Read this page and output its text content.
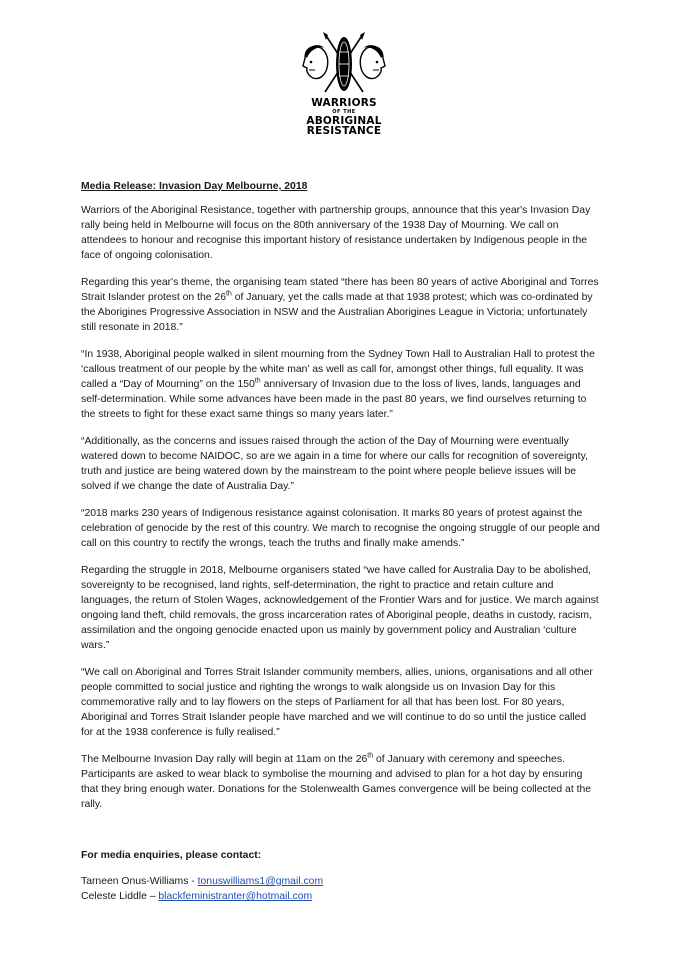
WARRIORS
OF THE
ABORIGINAL
RESISTANCE
Media Release: Invasion Day Melbourne, 2018

Warriors of the Aboriginal Resistance, together with partnership groups, announce that this year's Invasion Day rally being held in Melbourne will focus on the 80th anniversary of the 1938 Day of Mourning. We call on attendees to honour and recognise this important history of resistance undertaken by Indigenous people in the face of ongoing colonisation.

Regarding this year's theme, the organising team stated “there has been 80 years of active Aboriginal and Torres Strait Islander protest on the 26th of January, yet the calls made at that 1938 protest; which was co-ordinated by the Aborigines Progressive Association in NSW and the Australian Aborigines League in Victoria; unfortunately still resonate in 2018.”

“In 1938, Aboriginal people walked in silent mourning from the Sydney Town Hall to Australian Hall to protest the ‘callous treatment of our people by the white man’ as well as call for, amongst other things, full equality. It was called a “Day of Mourning” on the 150th anniversary of Invasion due to the loss of lives, lands, languages and self-determination. While some advances have been made in the past 80 years, we find ourselves returning to the streets to fight for these exact same things so many years later.”

“Additionally, as the concerns and issues raised through the action of the Day of Mourning were eventually watered down to become NAIDOC, so are we again in a time for where our calls for recognition of sovereignty, truth and justice are being watered down by the mainstream to the point where people believe issues will be solved if we change the date of Australia Day.”

“2018 marks 230 years of Indigenous resistance against colonisation. It marks 80 years of protest against the celebration of genocide by the rest of this country. We march to recognise the ongoing struggle of our people and call on this country to rectify the wrongs, teach the truths and finally make amends.”

Regarding the struggle in 2018, Melbourne organisers stated “we have called for Australia Day to be abolished, sovereignty to be recognised, land rights, self-determination, the right to practice and retain culture and languages, the return of Stolen Wages, acknowledgement of the Frontier Wars and for justice. We march against ongoing land theft, child removals, the gross incarceration rates of Aboriginal people, deaths in custody, racism, assimilation and the ongoing genocide enacted upon us mainly by government policy and Australian ‘culture wars.”

“We call on Aboriginal and Torres Strait Islander community members, allies, unions, organisations and all other people committed to social justice and righting the wrongs to walk alongside us on Invasion Day for this commemorative rally and to lay flowers on the steps of Parliament for all that has been lost. For 80 years, Aboriginal and Torres Strait Islander people have marched and we will continue to do so until the justice called for at the 1938 conference is fully realised.”

The Melbourne Invasion Day rally will begin at 11am on the 26th of January with ceremony and speeches. Participants are asked to wear black to symbolise the mourning and advised to plan for a hot day by ensuring that they bring enough water. Donations for the Stolenwealth Games convergence will be being collected at the rally.

For media enquiries, please contact:

Tarneen Onus-Williams - tonuswilliams1@gmail.com

Celeste Liddle – blackfeministranter@hotmail.com
